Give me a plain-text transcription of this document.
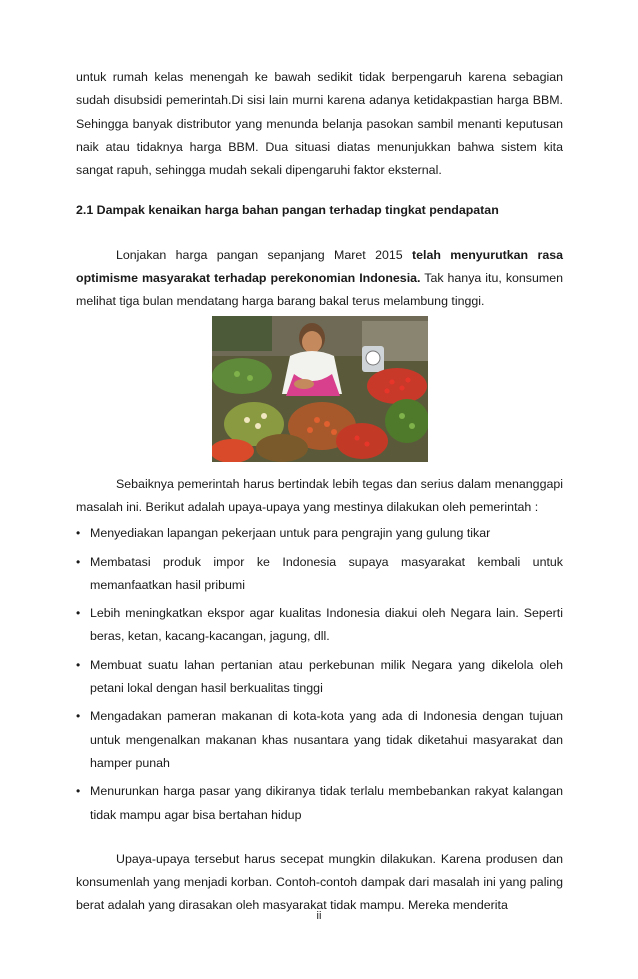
untuk rumah kelas menengah ke bawah sedikit tidak berpengaruh karena sebagian sudah disubsidi pemerintah.Di sisi lain murni karena adanya ketidakpastian harga BBM. Sehingga banyak distributor yang menunda belanja pasokan sambil menanti keputusan naik atau tidaknya harga BBM. Dua situasi diatas menunjukkan bahwa sistem kita sangat rapuh, sehingga mudah sekali dipengaruhi faktor eksternal.

2.1 Dampak kenaikan harga bahan pangan terhadap tingkat pendapatan

Lonjakan harga pangan sepanjang Maret 2015 telah menyurutkan rasa optimisme masyarakat terhadap perekonomian Indonesia. Tak hanya itu, konsumen melihat tiga bulan mendatang harga barang bakal terus melambung tinggi.

Sebaiknya pemerintah harus bertindak lebih tegas dan serius dalam menanggapi masalah ini. Berikut adalah upaya-upaya yang mestinya dilakukan oleh pemerintah :

• Menyediakan lapangan pekerjaan untuk para pengrajin yang gulung tikar
• Membatasi produk impor ke Indonesia supaya masyarakat kembali untuk memanfaatkan hasil pribumi
• Lebih meningkatkan ekspor agar kualitas Indonesia diakui oleh Negara lain. Seperti beras, ketan, kacang-kacangan, jagung, dll.
• Membuat suatu lahan pertanian atau perkebunan milik Negara yang dikelola oleh petani lokal dengan hasil berkualitas tinggi
• Mengadakan pameran makanan di kota-kota yang ada di Indonesia dengan tujuan untuk mengenalkan makanan khas nusantara yang tidak diketahui masyarakat dan hamper punah
• Menurunkan harga pasar yang dikiranya tidak terlalu membebankan rakyat kalangan tidak mampu agar bisa bertahan hidup

Upaya-upaya tersebut harus secepat mungkin dilakukan. Karena produsen dan konsumenlah yang menjadi korban. Contoh-contoh dampak dari masalah ini yang paling berat adalah yang dirasakan oleh masyarakat tidak mampu. Mereka menderita

ii
